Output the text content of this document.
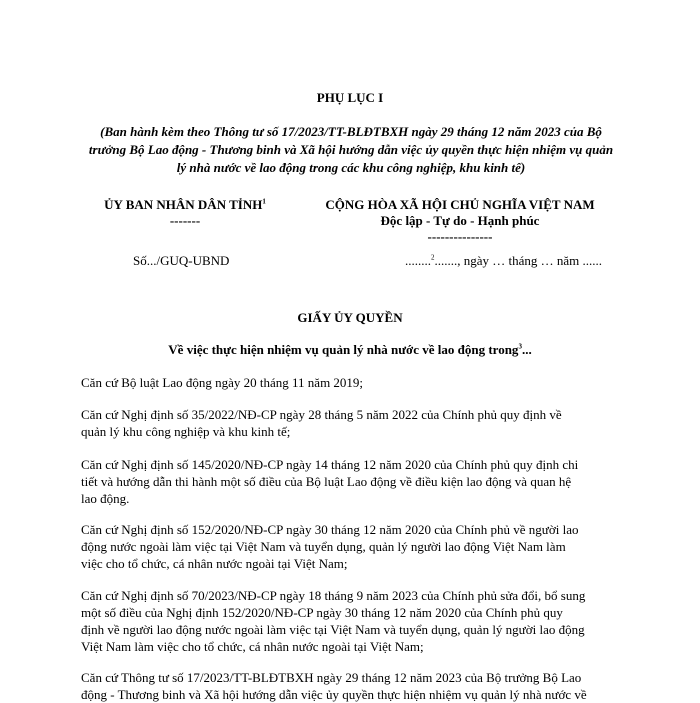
PHỤ LỤC I
(Ban hành kèm theo Thông tư số 17/2023/TT-BLĐTBXH ngày 29 tháng 12 năm 2023 của Bộ
trưởng Bộ Lao động - Thương binh và Xã hội hướng dẫn việc ủy quyền thực hiện nhiệm vụ quản
lý nhà nước về lao động trong các khu công nghiệp, khu kinh tế)
ỦY BAN NHÂN DÂN TỈNH$^1$
-------
CỘNG HÒA XÃ HỘI CHỦ NGHĨA VIỆT NAM
Độc lập - Tự do - Hạnh phúc
---------------
Số.../GUQ-UBND	........$^2$......., ngày … tháng … năm ......
GIẤY ỦY QUYỀN
Về việc thực hiện nhiệm vụ quản lý nhà nước về lao động trong$^3$...
Căn cứ Bộ luật Lao động ngày 20 tháng 11 năm 2019;
Căn cứ Nghị định số 35/2022/NĐ-CP ngày 28 tháng 5 năm 2022 của Chính phủ quy định về
quản lý khu công nghiệp và khu kinh tế;
Căn cứ Nghị định số 145/2020/NĐ-CP ngày 14 tháng 12 năm 2020 của Chính phủ quy định chi
tiết và hướng dẫn thi hành một số điều của Bộ luật Lao động về điều kiện lao động và quan hệ
lao động.
Căn cứ Nghị định số 152/2020/NĐ-CP ngày 30 tháng 12 năm 2020 của Chính phủ về người lao
động nước ngoài làm việc tại Việt Nam và tuyển dụng, quản lý người lao động Việt Nam làm
việc cho tổ chức, cá nhân nước ngoài tại Việt Nam;
Căn cứ Nghị định số 70/2023/NĐ-CP ngày 18 tháng 9 năm 2023 của Chính phủ sửa đổi, bổ sung
một số điều của Nghị định 152/2020/NĐ-CP ngày 30 tháng 12 năm 2020 của Chính phủ quy
định về người lao động nước ngoài làm việc tại Việt Nam và tuyển dụng, quản lý người lao động
Việt Nam làm việc cho tổ chức, cá nhân nước ngoài tại Việt Nam;
Căn cứ Thông tư số 17/2023/TT-BLĐTBXH ngày 29 tháng 12 năm 2023 của Bộ trưởng Bộ Lao
động - Thương binh và Xã hội hướng dẫn việc ủy quyền thực hiện nhiệm vụ quản lý nhà nước về
